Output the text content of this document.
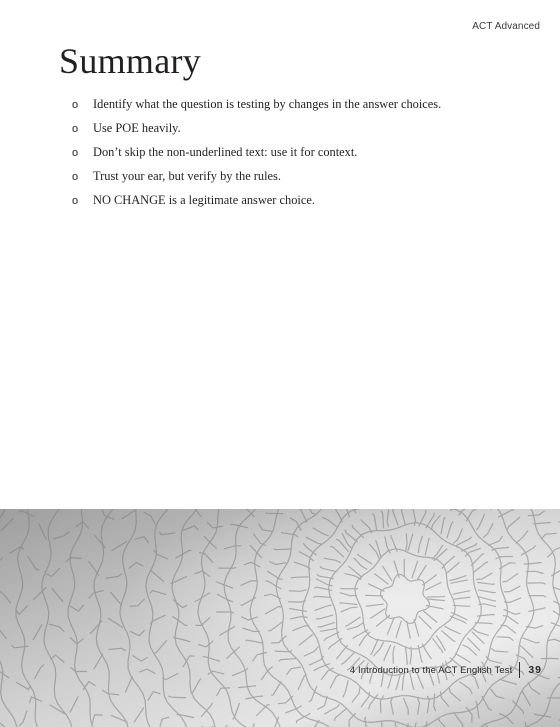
ACT Advanced
Summary
o	Identify what the question is testing by changes in the answer choices.
o	Use POE heavily.
o	Don’t skip the non-underlined text: use it for context.
o	Trust your ear, but verify by the rules.
o	NO CHANGE is a legitimate answer choice.
4 Introduction to the ACT English Test 39
